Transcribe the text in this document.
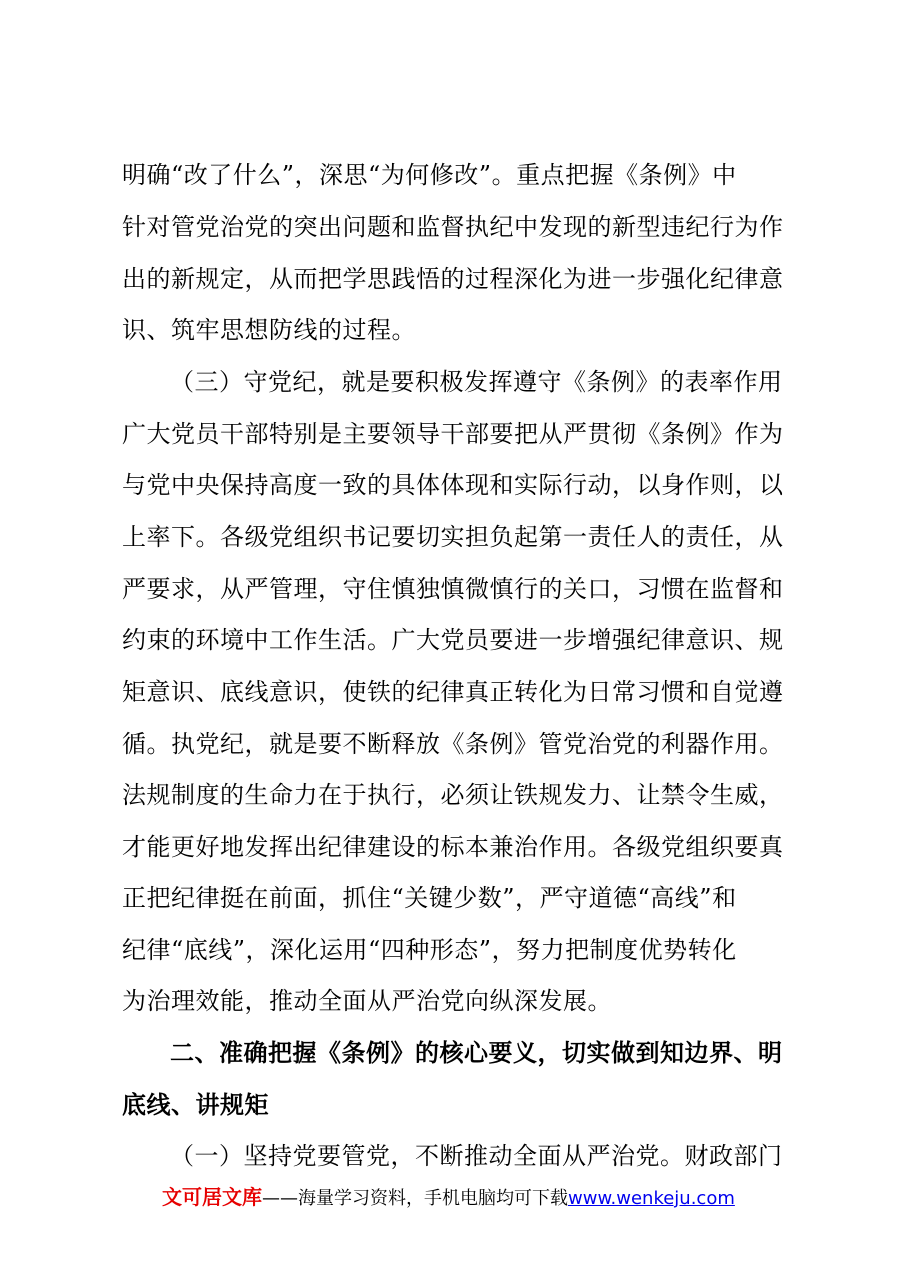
明确“改了什么”，深思“为何修改”。重点把握《条例》中
针对管党治党的突出问题和监督执纪中发现的新型违纪行为作
出的新规定，从而把学思践悟的过程深化为进一步强化纪律意
识、筑牢思想防线的过程。
（三）守党纪，就是要积极发挥遵守《条例》的表率作用
广大党员干部特别是主要领导干部要把从严贯彻《条例》作为
与党中央保持高度一致的具体体现和实际行动，以身作则，以
上率下。各级党组织书记要切实担负起第一责任人的责任，从
严要求，从严管理，守住慎独慎微慎行的关口，习惯在监督和
约束的环境中工作生活。广大党员要进一步增强纪律意识、规
矩意识、底线意识，使铁的纪律真正转化为日常习惯和自觉遵
循。执党纪，就是要不断释放《条例》管党治党的利器作用。
法规制度的生命力在于执行，必须让铁规发力、让禁令生威，
才能更好地发挥出纪律建设的标本兼治作用。各级党组织要真
正把纪律挺在前面，抓住“关键少数”，严守道德“高线”和
纪律“底线”，深化运用“四种形态”，努力把制度优势转化
为治理效能，推动全面从严治党向纵深发展。
二、准确把握《条例》的核心要义，切实做到知边界、明
底线、讲规矩
（一）坚持党要管党，不断推动全面从严治党。财政部门
文可居文库——海量学习资料，手机电脑均可下载www.wenkeju.com
